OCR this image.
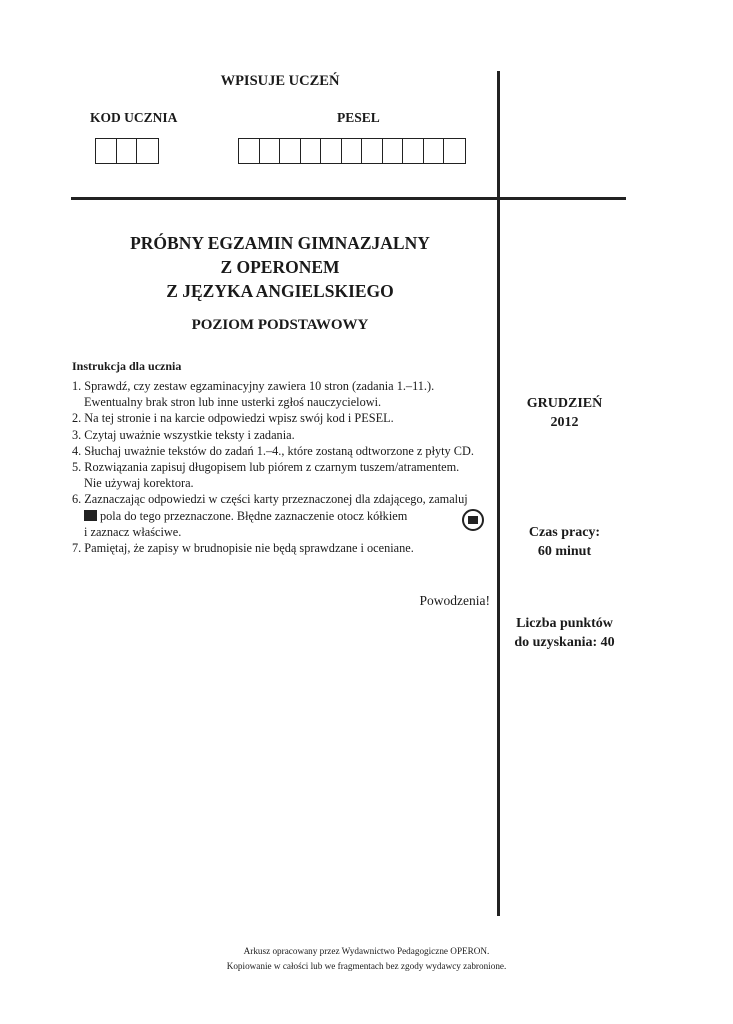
WPISUJE UCZEŃ
KOD UCZNIA	PESEL
PRÓBNY EGZAMIN GIMNAZJALNY
Z OPERONEM
Z JĘZYKA ANGIELSKIEGO
POZIOM PODSTAWOWY
Instrukcja dla ucznia
1. Sprawdź, czy zestaw egzaminacyjny zawiera 10 stron (zadania 1.–11.).
Ewentualny brak stron lub inne usterki zgłoś nauczycielowi.
2. Na tej stronie i na karcie odpowiedzi wpisz swój kod i PESEL.
3. Czytaj uważnie wszystkie teksty i zadania.
4. Słuchaj uważnie tekstów do zadań 1.–4., które zostaną odtworzone z płyty CD.
5. Rozwiązania zapisuj długopisem lub piórem z czarnym tuszem/atramentem.
Nie używaj korektora.
6. Zaznaczając odpowiedzi w części karty przeznaczonej dla zdającego, zamaluj
pola do tego przeznaczone. Błędne zaznaczenie otocz kółkiem
i zaznacz właściwe.
7. Pamiętaj, że zapisy w brudnopisie nie będą sprawdzane i oceniane.
Powodzenia!
GRUDZIEŃ
2012
Czas pracy:
60 minut
Liczba punktów
do uzyskania: 40
Arkusz opracowany przez Wydawnictwo Pedagogiczne OPERON.
Kopiowanie w całości lub we fragmentach bez zgody wydawcy zabronione.
